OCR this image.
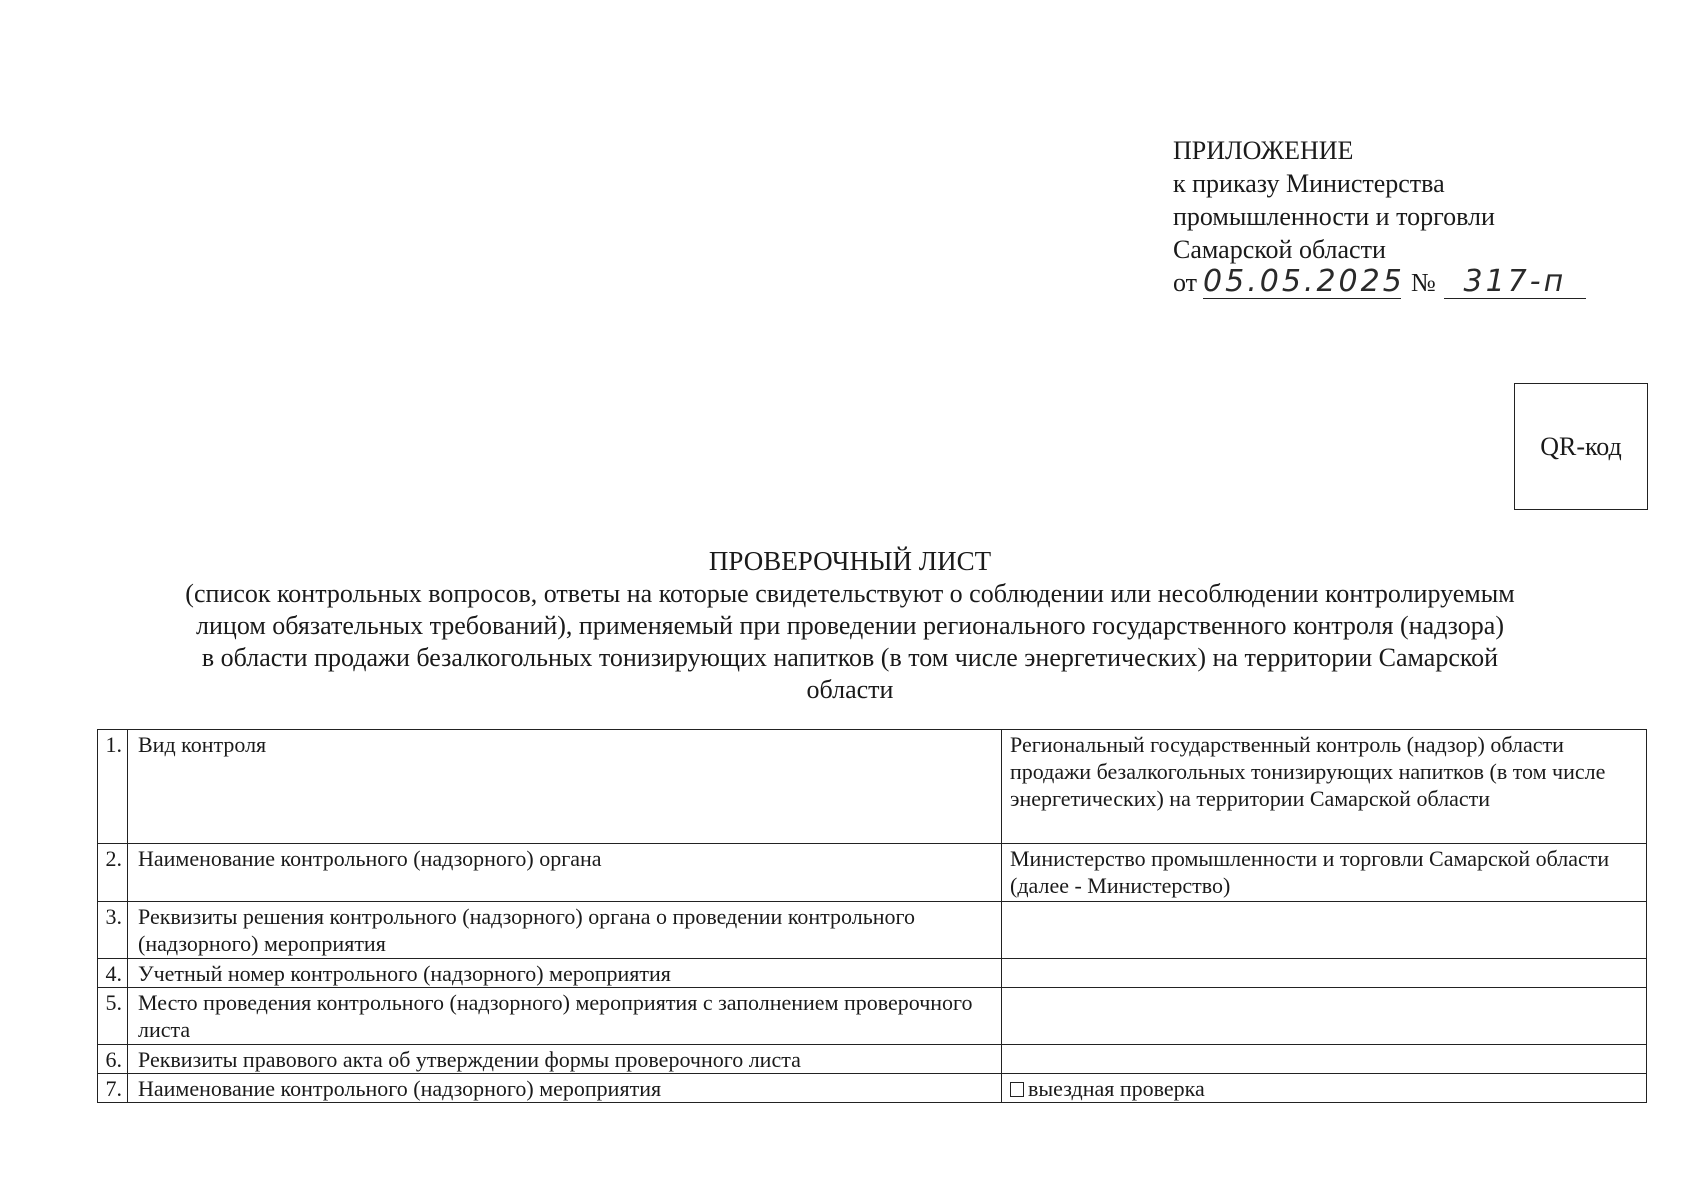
ПРИЛОЖЕНИЕ
к приказу Министерства
промышленности и торговли
Самарской области
от 05.05.2025 № 317-п
QR-код
ПРОВЕРОЧНЫЙ ЛИСТ
(список контрольных вопросов, ответы на которые свидетельствуют о соблюдении или несоблюдении контролируемым
лицом обязательных требований), применяемый при проведении регионального государственного контроля (надзора)
в области продажи безалкогольных тонизирующих напитков (в том числе энергетических) на территории Самарской
области
1.	Вид контроля	Региональный государственный контроль (надзор) области продажи безалкогольных тонизирующих напитков (в том числе энергетических) на территории Самарской области
2.	Наименование контрольного (надзорного) органа	Министерство промышленности и торговли Самарской области (далее - Министерство)
3.	Реквизиты решения контрольного (надзорного) органа о проведении контрольного (надзорного) мероприятия	
4.	Учетный номер контрольного (надзорного) мероприятия	
5.	Место проведения контрольного (надзорного) мероприятия с заполнением проверочного листа	
6.	Реквизиты правового акта об утверждении формы проверочного листа	
7.	Наименование контрольного (надзорного) мероприятия	выездная проверка
